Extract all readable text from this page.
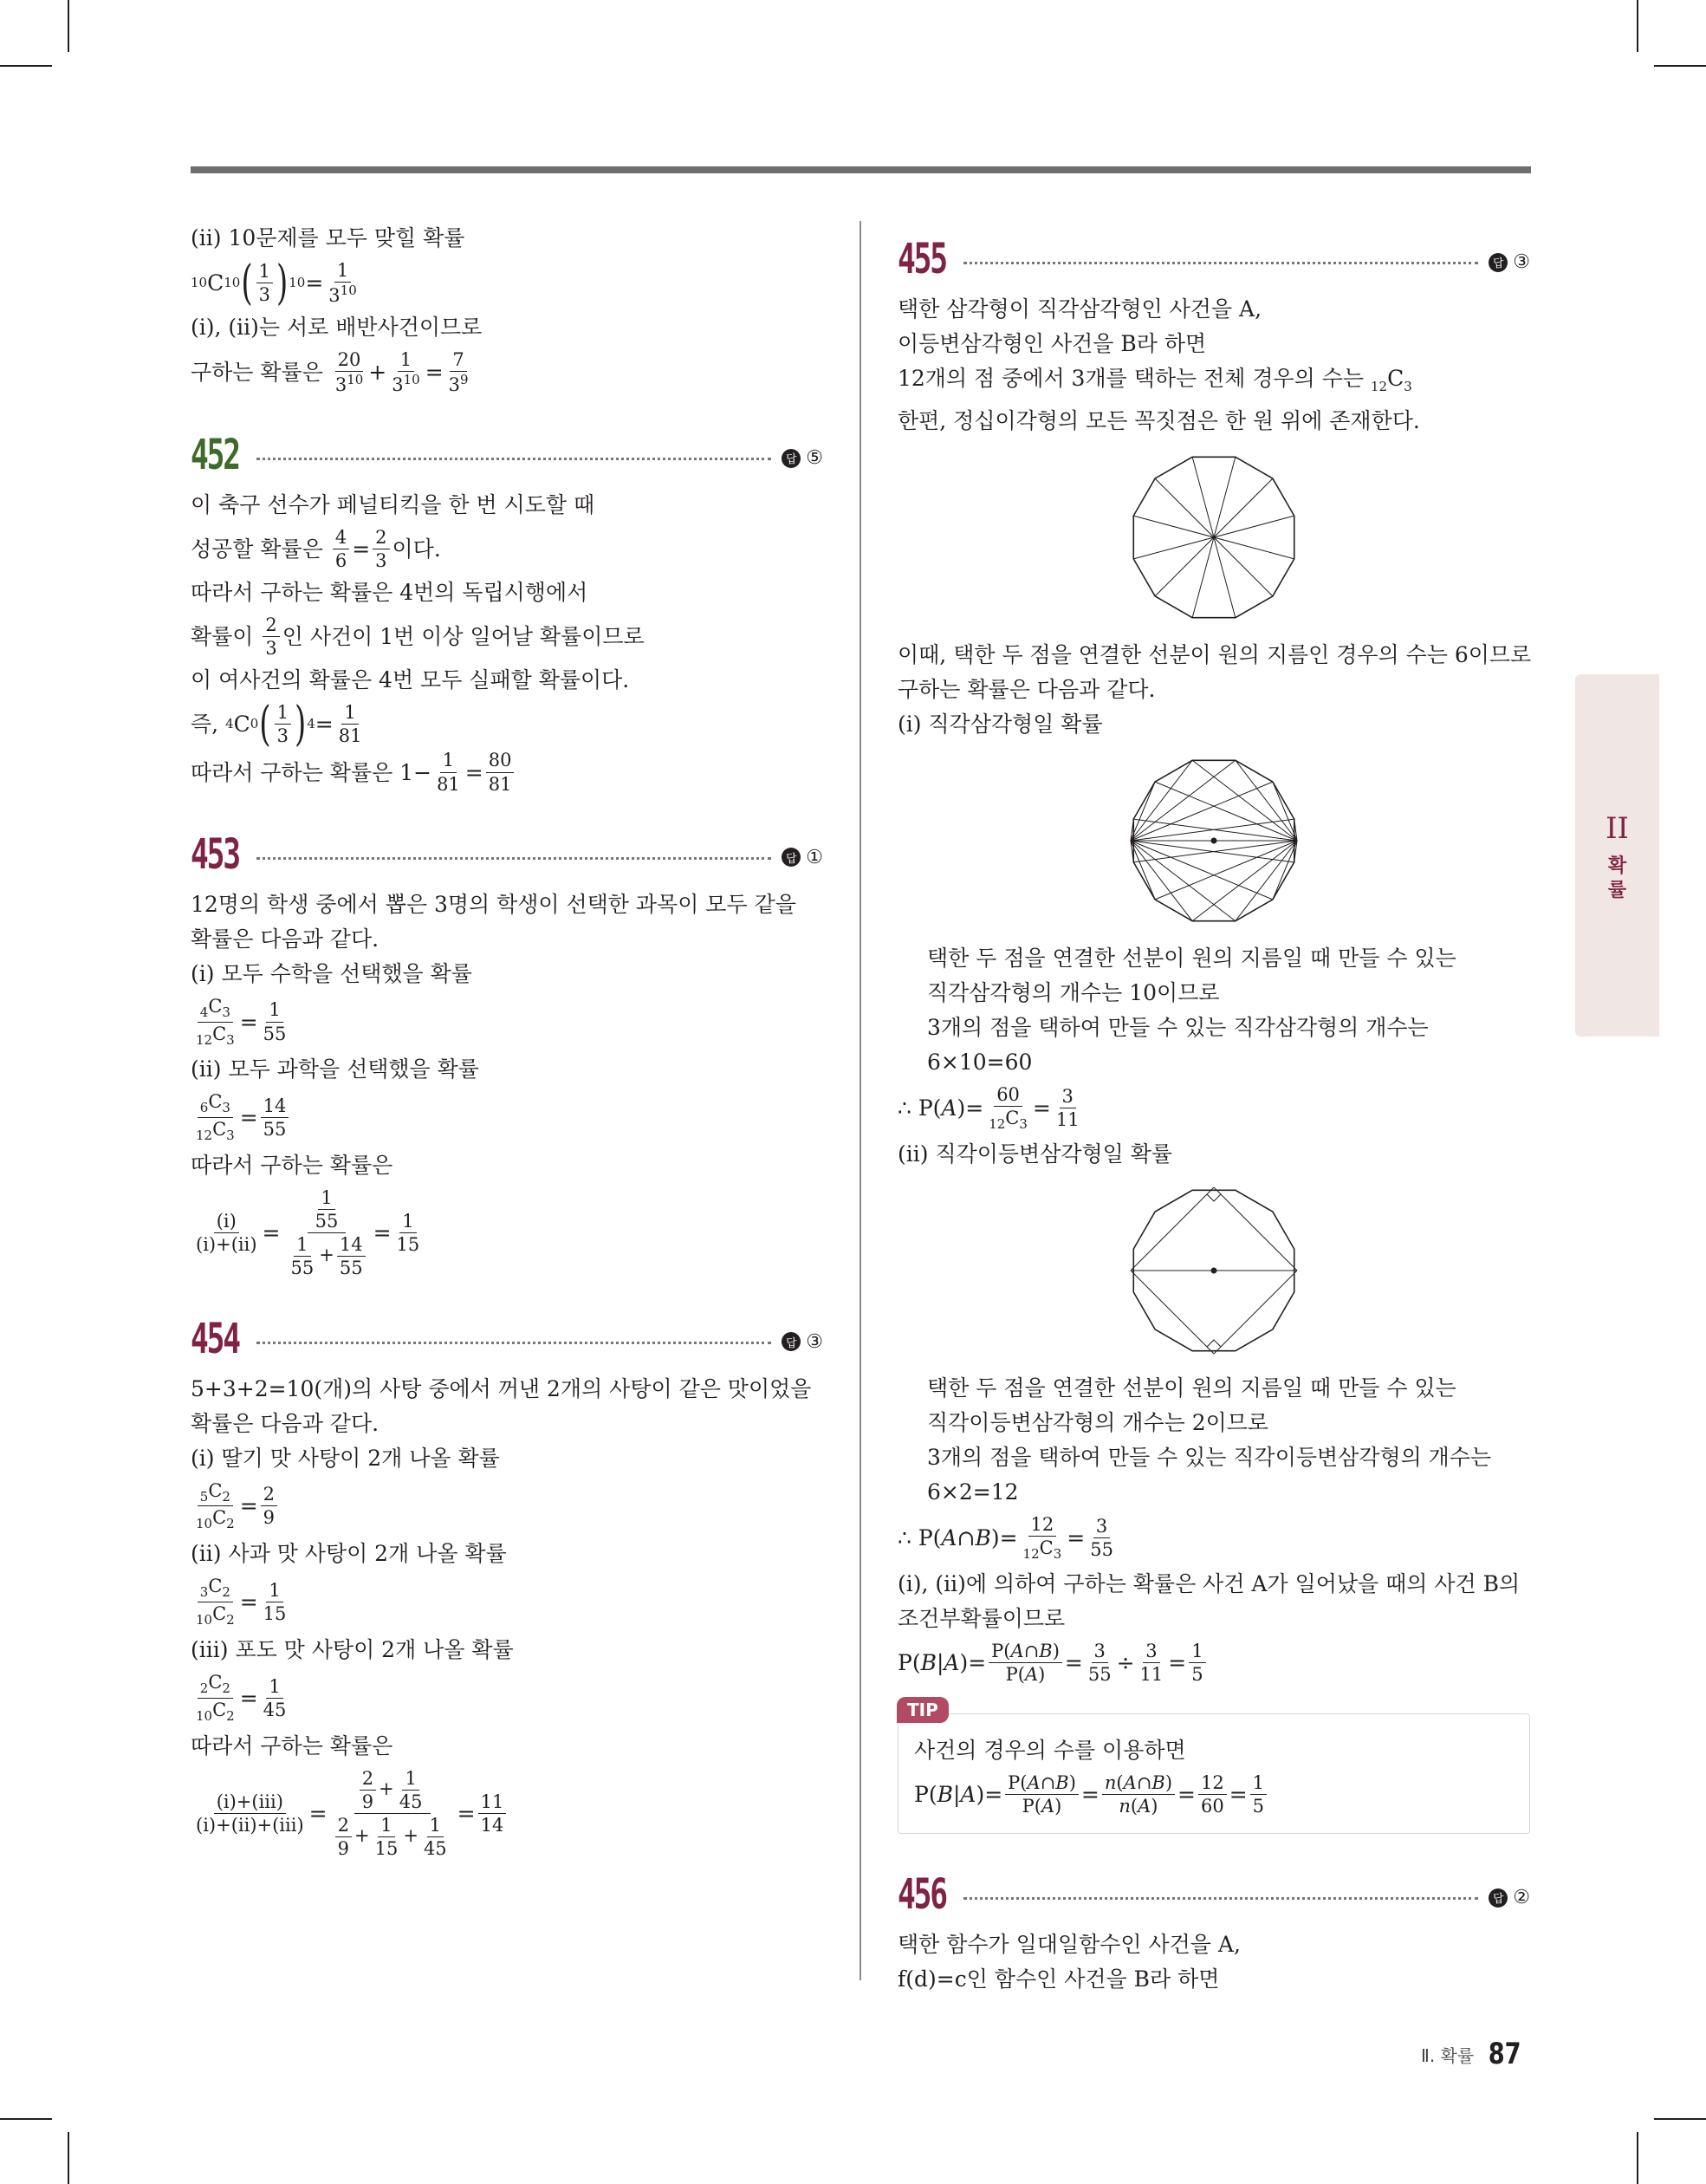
(ii) 10문제를 모두 맞힐 확률
10 C 10 ( $\frac{1}{3}$ ) $10 = \frac{1}{3^{10}}$
(i), (ii)는 서로 배반사건이므로
구하는 확률은
$\frac{20}{3^{10}} + \frac{1}{3^{10}} = \frac{7}{3^9}$
452	답 ⑤
이 축구 선수가 페널티킥을 한 번 시도할 때
성공할 확률은
$\frac{4}{6} = \frac{2}{3}$ 이다.
따라서 구하는 확률은 4번의 독립시행에서
확률이
$\frac{2}{3}$ 인 사건이 1번 이상 일어날 확률이므로
이 여사건의 확률은 4번 모두 실패할 확률이다.
즉,
4 C 0 ( $\frac{1}{3}$ ) $4 = \frac{1}{81}$
따라서 구하는 확률은 $1- \frac{1}{81} = \frac{80}{81}$
453	답 ①
12명의 학생 중에서 뽑은 3명의 학생이 선택한 과목이 모두 같을
확률은 다음과 같다.
(i) 모두 수학을 선택했을 확률
$\frac{_4C_3}{_{12}C_3} = \frac{1}{55}$
(ii) 모두 과학을 선택했을 확률
$\frac{_6C_3}{_{12}C_3} = \frac{14}{55}$
따라서 구하는 확률은
$\frac{(i)}{(i)+(ii)} = \frac{\frac{1}{55}}{\frac{1}{55} + \frac{14}{55}} = \frac{1}{15}$
454	답 ③
5+3+2=10(개)의 사탕 중에서 꺼낸 2개의 사탕이 같은 맛이었을
확률은 다음과 같다.
(i) 딸기 맛 사탕이 2개 나올 확률
$\frac{_5C_2}{_{10}C_2} = \frac{2}{9}$
(ii) 사과 맛 사탕이 2개 나올 확률
$\frac{_3C_2}{_{10}C_2} = \frac{1}{15}$
(iii) 포도 맛 사탕이 2개 나올 확률
$\frac{_2C_2}{_{10}C_2} = \frac{1}{45}$
따라서 구하는 확률은
$\frac{\text{(i)+(iii)}}{\text{(i)+(ii)+(iii)}} = \frac{\frac{2}{9} + \frac{1}{45}}{\frac{2}{9} + \frac{1}{15} + \frac{1}{45}} = \frac{11}{14}$
455	답 ③
택한 삼각형이 직각삼각형인 사건을 A,
이등변삼각형인 사건을 B라 하면
12개의 점 중에서 3개를 택하는 전체 경우의 수는 $_{12}C_3$
한편, 정십이각형의 모든 꼭짓점은 한 원 위에 존재한다.
이때, 택한 두 점을 연결한 선분이 원의 지름인 경우의 수는 6이므로
구하는 확률은 다음과 같다.
(i) 직각삼각형일 확률
택한 두 점을 연결한 선분이 원의 지름일 때 만들 수 있는
직각삼각형의 개수는 10이므로
3개의 점을 택하여 만들 수 있는 직각삼각형의 개수는
6×10=60
∴ P( A )= $\frac{60}{_{12}C_3} = \frac{3}{11}$
(ii) 직각이등변삼각형일 확률
택한 두 점을 연결한 선분이 원의 지름일 때 만들 수 있는
직각이등변삼각형의 개수는 2이므로
3개의 점을 택하여 만들 수 있는 직각이등변삼각형의 개수는
6×2=12
∴ P( A ∩ B )= $\frac{12}{_{12}C_3} = \frac{3}{55}$
(i), (ii)에 의하여 구하는 확률은 사건 A가 일어났을 때의 사건 B의
조건부확률이므로
P( B | A )= $\frac{P(A\cap B)}{P(A)} = \frac{3}{55} \div \frac{3}{11} = \frac{1}{5}$
TIP
사건의 경우의 수를 이용하면
P( B | A )= $\frac{P(A\cap B)}{P(A)} = \frac{n(A\cap B)}{n(A)} = \frac{12}{60} = \frac{1}{5}$
456	답 ②
택한 함수가 일대일함수인 사건을 A,
f(d)=c인 함수인 사건을 B라 하면
II
확률
Ⅱ. 확률 87
